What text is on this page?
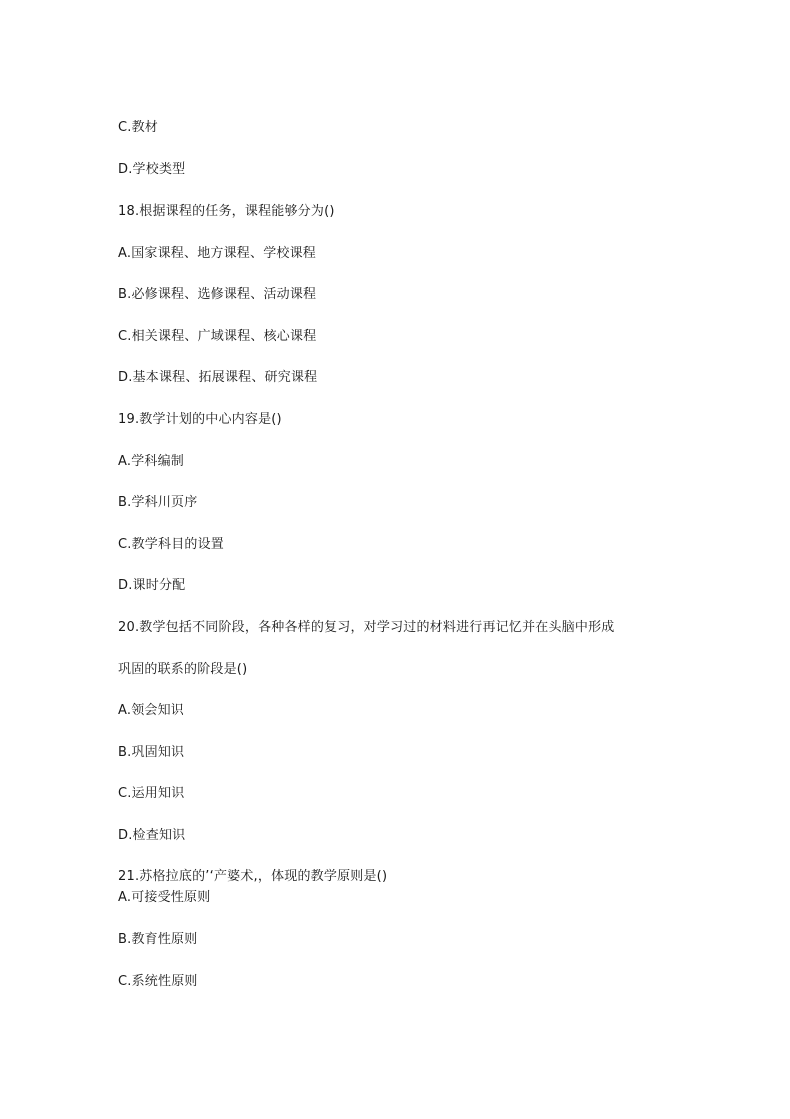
C.教材
D.学校类型
18.根据课程的任务，课程能够分为()
A.国家课程、地方课程、学校课程
B.必修课程、选修课程、活动课程
C.相关课程、广域课程、核心课程
D.基本课程、拓展课程、研究课程
19.教学计划的中心内容是()
A.学科编制
B.学科川页序
C.教学科目的设置
D.课时分配
20.教学包括不同阶段，各种各样的复习，对学习过的材料进行再记忆并在头脑中形成
巩固的联系的阶段是()
A.领会知识
B.巩固知识
C.运用知识
D.检查知识
21.苏格拉底的’‘产婆术,，体现的教学原则是()
A.可接受性原则
B.教育性原则
C.系统性原则
